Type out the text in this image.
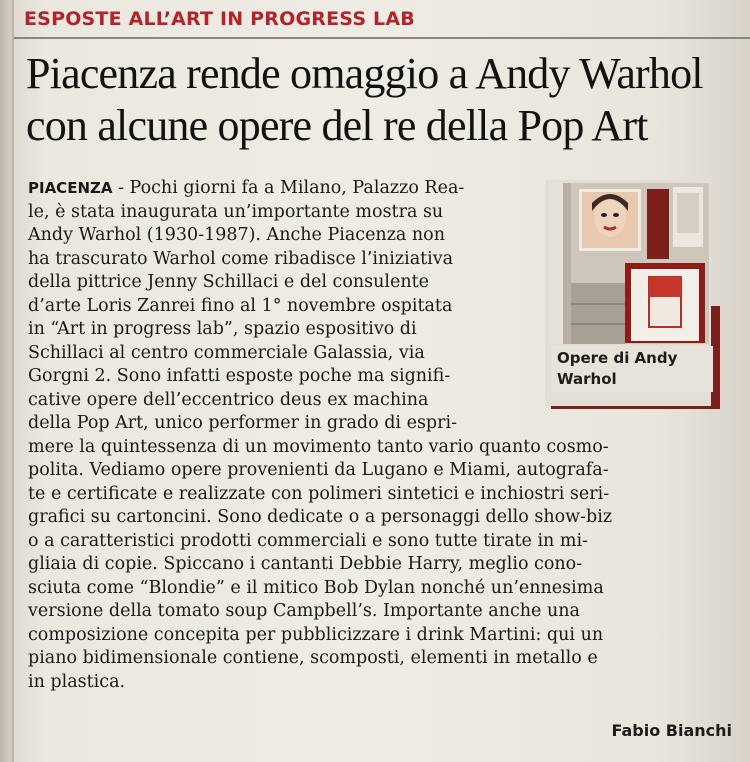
ESPOSTE ALL’ART IN PROGRESS LAB
Piacenza rende omaggio a Andy Warhol
con alcune opere del re della Pop Art
PIACENZA - Pochi giorni fa a Milano, Palazzo Rea-
le, è stata inaugurata un’importante mostra su
Andy Warhol (1930-1987). Anche Piacenza non
ha trascurato Warhol come ribadisce l’iniziativa
della pittrice Jenny Schillaci e del consulente
d’arte Loris Zanrei fino al 1° novembre ospitata
in “Art in progress lab”, spazio espositivo di
Schillaci al centro commerciale Galassia, via
Gorgni 2. Sono infatti esposte poche ma signifi-
cative opere dell’eccentrico deus ex machina
della Pop Art, unico performer in grado di espri-
mere la quintessenza di un movimento tanto vario quanto cosmo-
polita. Vediamo opere provenienti da Lugano e Miami, autografa-
te e certificate e realizzate con polimeri sintetici e inchiostri seri-
grafici su cartoncini. Sono dedicate o a personaggi dello show-biz
o a caratteristici prodotti commerciali e sono tutte tirate in mi-
gliaia di copie. Spiccano i cantanti Debbie Harry, meglio cono-
sciuta come “Blondie” e il mitico Bob Dylan nonché un’ennesima
versione della tomato soup Campbell’s. Importante anche una
composizione concepita per pubblicizzare i drink Martini: qui un
piano bidimensionale contiene, scomposti, elementi in metallo e
in plastica.
Opere di Andy
Warhol
Fabio Bianchi
